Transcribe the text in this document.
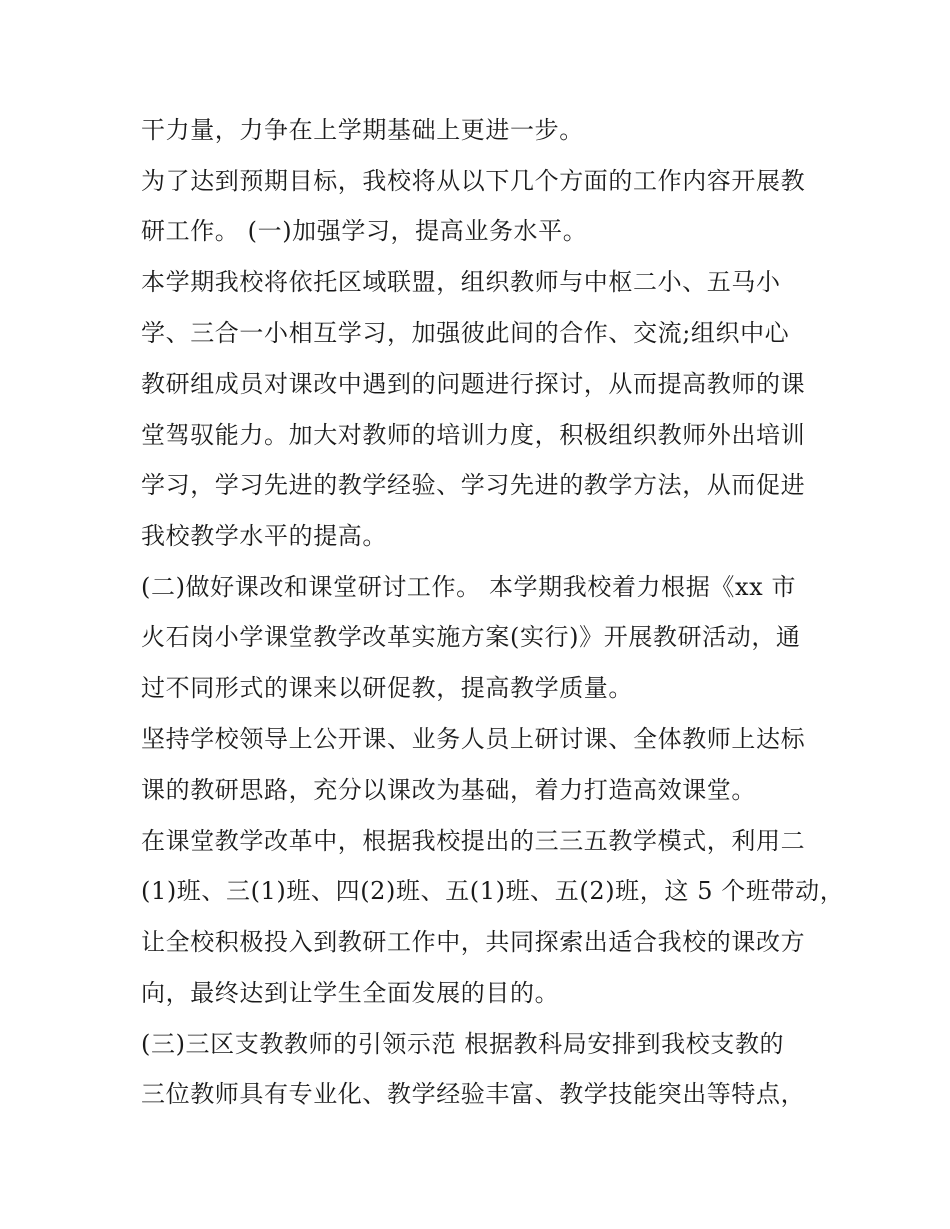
干力量，力争在上学期基础上更进一步。
为了达到预期目标，我校将从以下几个方面的工作内容开展教
研工作。 (一)加强学习，提高业务水平。
本学期我校将依托区域联盟，组织教师与中枢二小、五马小
学、三合一小相互学习，加强彼此间的合作、交流;组织中心
教研组成员对课改中遇到的问题进行探讨，从而提高教师的课
堂驾驭能力。加大对教师的培训力度，积极组织教师外出培训
学习，学习先进的教学经验、学习先进的教学方法，从而促进
我校教学水平的提高。
(二)做好课改和课堂研讨工作。 本学期我校着力根据《xx 市
火石岗小学课堂教学改革实施方案(实行)》开展教研活动，通
过不同形式的课来以研促教，提高教学质量。
坚持学校领导上公开课、业务人员上研讨课、全体教师上达标
课的教研思路，充分以课改为基础，着力打造高效课堂。
在课堂教学改革中，根据我校提出的三三五教学模式，利用二
(1)班、三(1)班、四(2)班、五(1)班、五(2)班，这 5 个班带动，
让全校积极投入到教研工作中，共同探索出适合我校的课改方
向，最终达到让学生全面发展的目的。
(三)三区支教教师的引领示范 根据教科局安排到我校支教的
三位教师具有专业化、教学经验丰富、教学技能突出等特点，
